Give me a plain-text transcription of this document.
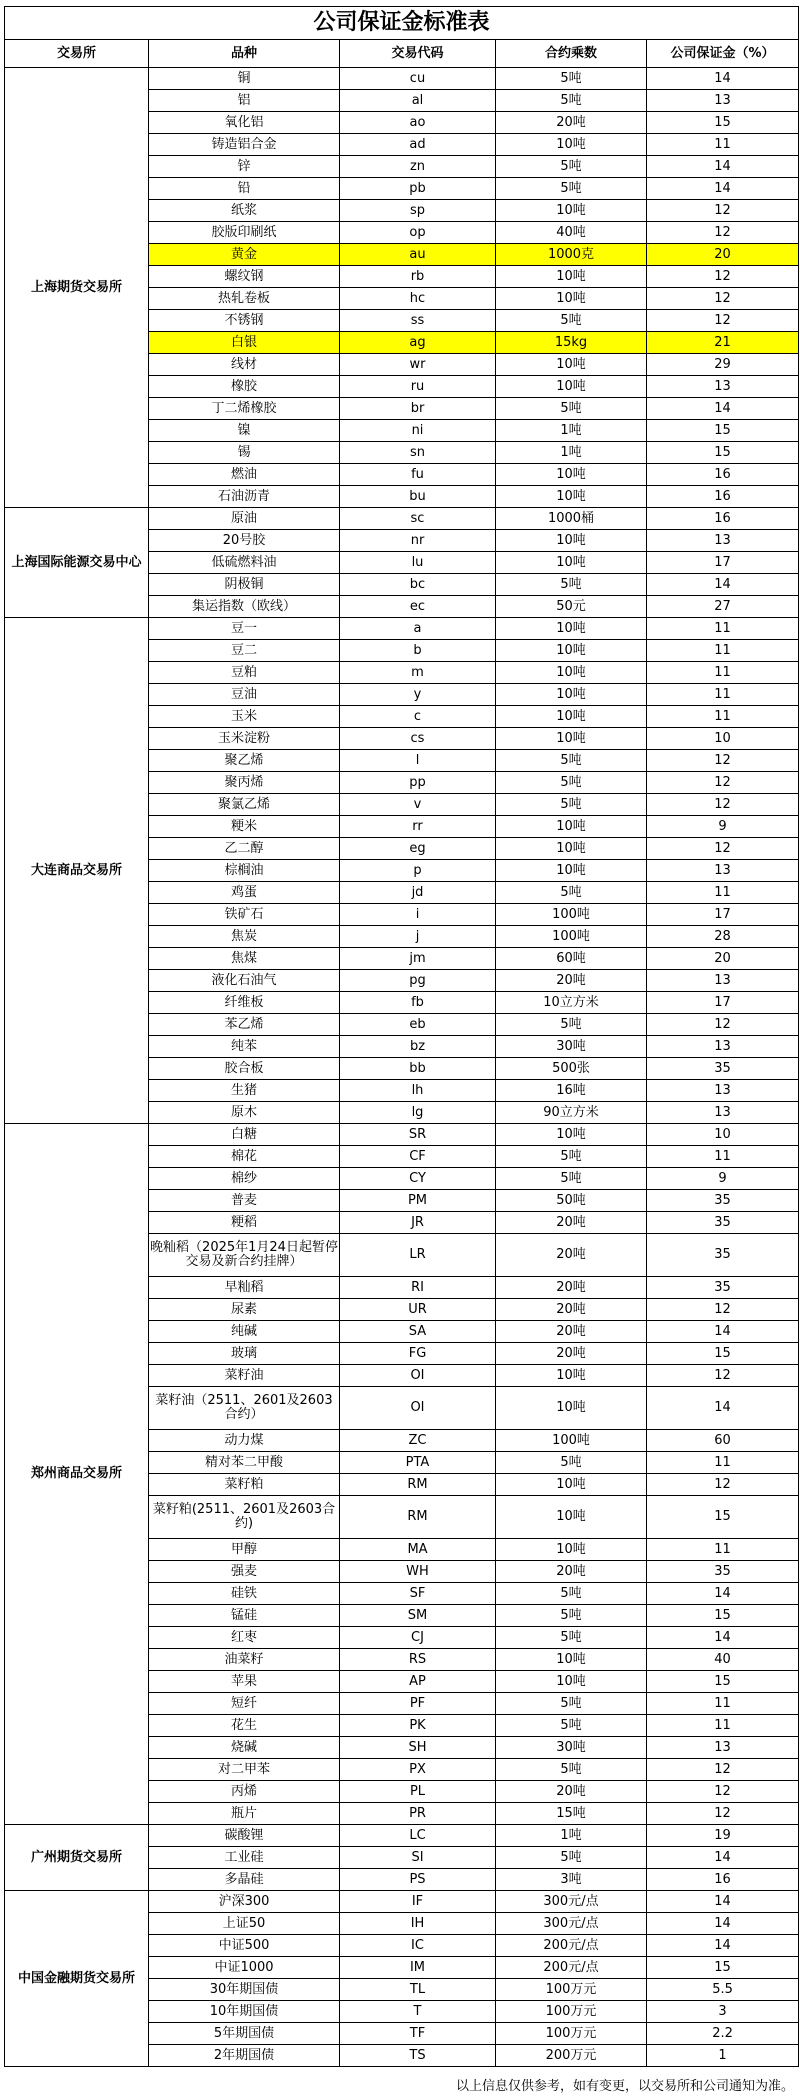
公司保证金标准表				
交易所	品种	交易代码	合约乘数	公司保证金（%）
上海期货交易所	铜	cu	5吨	14
	铝	al	5吨	13
	氧化铝	ao	20吨	15
	铸造铝合金	ad	10吨	11
	锌	zn	5吨	14
	铅	pb	5吨	14
	纸浆	sp	10吨	12
	胶版印刷纸	op	40吨	12
	黄金	au	1000克	20
	螺纹钢	rb	10吨	12
	热轧卷板	hc	10吨	12
	不锈钢	ss	5吨	12
	白银	ag	15kg	21
	线材	wr	10吨	29
	橡胶	ru	10吨	13
	丁二烯橡胶	br	5吨	14
	镍	ni	1吨	15
	锡	sn	1吨	15
	燃油	fu	10吨	16
	石油沥青	bu	10吨	16
上海国际能源交易中心	原油	sc	1000桶	16
	20号胶	nr	10吨	13
	低硫燃料油	lu	10吨	17
	阴极铜	bc	5吨	14
	集运指数（欧线）	ec	50元	27
大连商品交易所	豆一	a	10吨	11
	豆二	b	10吨	11
	豆粕	m	10吨	11
	豆油	y	10吨	11
	玉米	c	10吨	11
	玉米淀粉	cs	10吨	10
	聚乙烯	l	5吨	12
	聚丙烯	pp	5吨	12
	聚氯乙烯	v	5吨	12
	粳米	rr	10吨	9
	乙二醇	eg	10吨	12
	棕榈油	p	10吨	13
	鸡蛋	jd	5吨	11
	铁矿石	i	100吨	17
	焦炭	j	100吨	28
	焦煤	jm	60吨	20
	液化石油气	pg	20吨	13
	纤维板	fb	10立方米	17
	苯乙烯	eb	5吨	12
	纯苯	bz	30吨	13
	胶合板	bb	500张	35
	生猪	lh	16吨	13
	原木	lg	90立方米	13
郑州商品交易所	白糖	SR	10吨	10
	棉花	CF	5吨	11
	棉纱	CY	5吨	9
	普麦	PM	50吨	35
	粳稻	JR	20吨	35
	晚籼稻（2025年1月24日起暂停交易及新合约挂牌）	LR	20吨	35
	早籼稻	RI	20吨	35
	尿素	UR	20吨	12
	纯碱	SA	20吨	14
	玻璃	FG	20吨	15
	菜籽油	OI	10吨	12
	菜籽油（2511、2601及2603合约）	OI	10吨	14
	动力煤	ZC	100吨	60
	精对苯二甲酸	PTA	5吨	11
	菜籽粕	RM	10吨	12
	菜籽粕(2511、2601及2603合约)	RM	10吨	15
	甲醇	MA	10吨	11
	强麦	WH	20吨	35
	硅铁	SF	5吨	14
	锰硅	SM	5吨	15
	红枣	CJ	5吨	14
	油菜籽	RS	10吨	40
	苹果	AP	10吨	15
	短纤	PF	5吨	11
	花生	PK	5吨	11
	烧碱	SH	30吨	13
	对二甲苯	PX	5吨	12
	丙烯	PL	20吨	12
	瓶片	PR	15吨	12
广州期货交易所	碳酸锂	LC	1吨	19
	工业硅	SI	5吨	14
	多晶硅	PS	3吨	16
中国金融期货交易所	沪深300	IF	300元/点	14
	上证50	IH	300元/点	14
	中证500	IC	200元/点	14
	中证1000	IM	200元/点	15
	30年期国债	TL	100万元	5.5
	10年期国债	T	100万元	3
	5年期国债	TF	100万元	2.2
	2年期国债	TS	200万元	1
以上信息仅供参考，如有变更，以交易所和公司通知为准。
